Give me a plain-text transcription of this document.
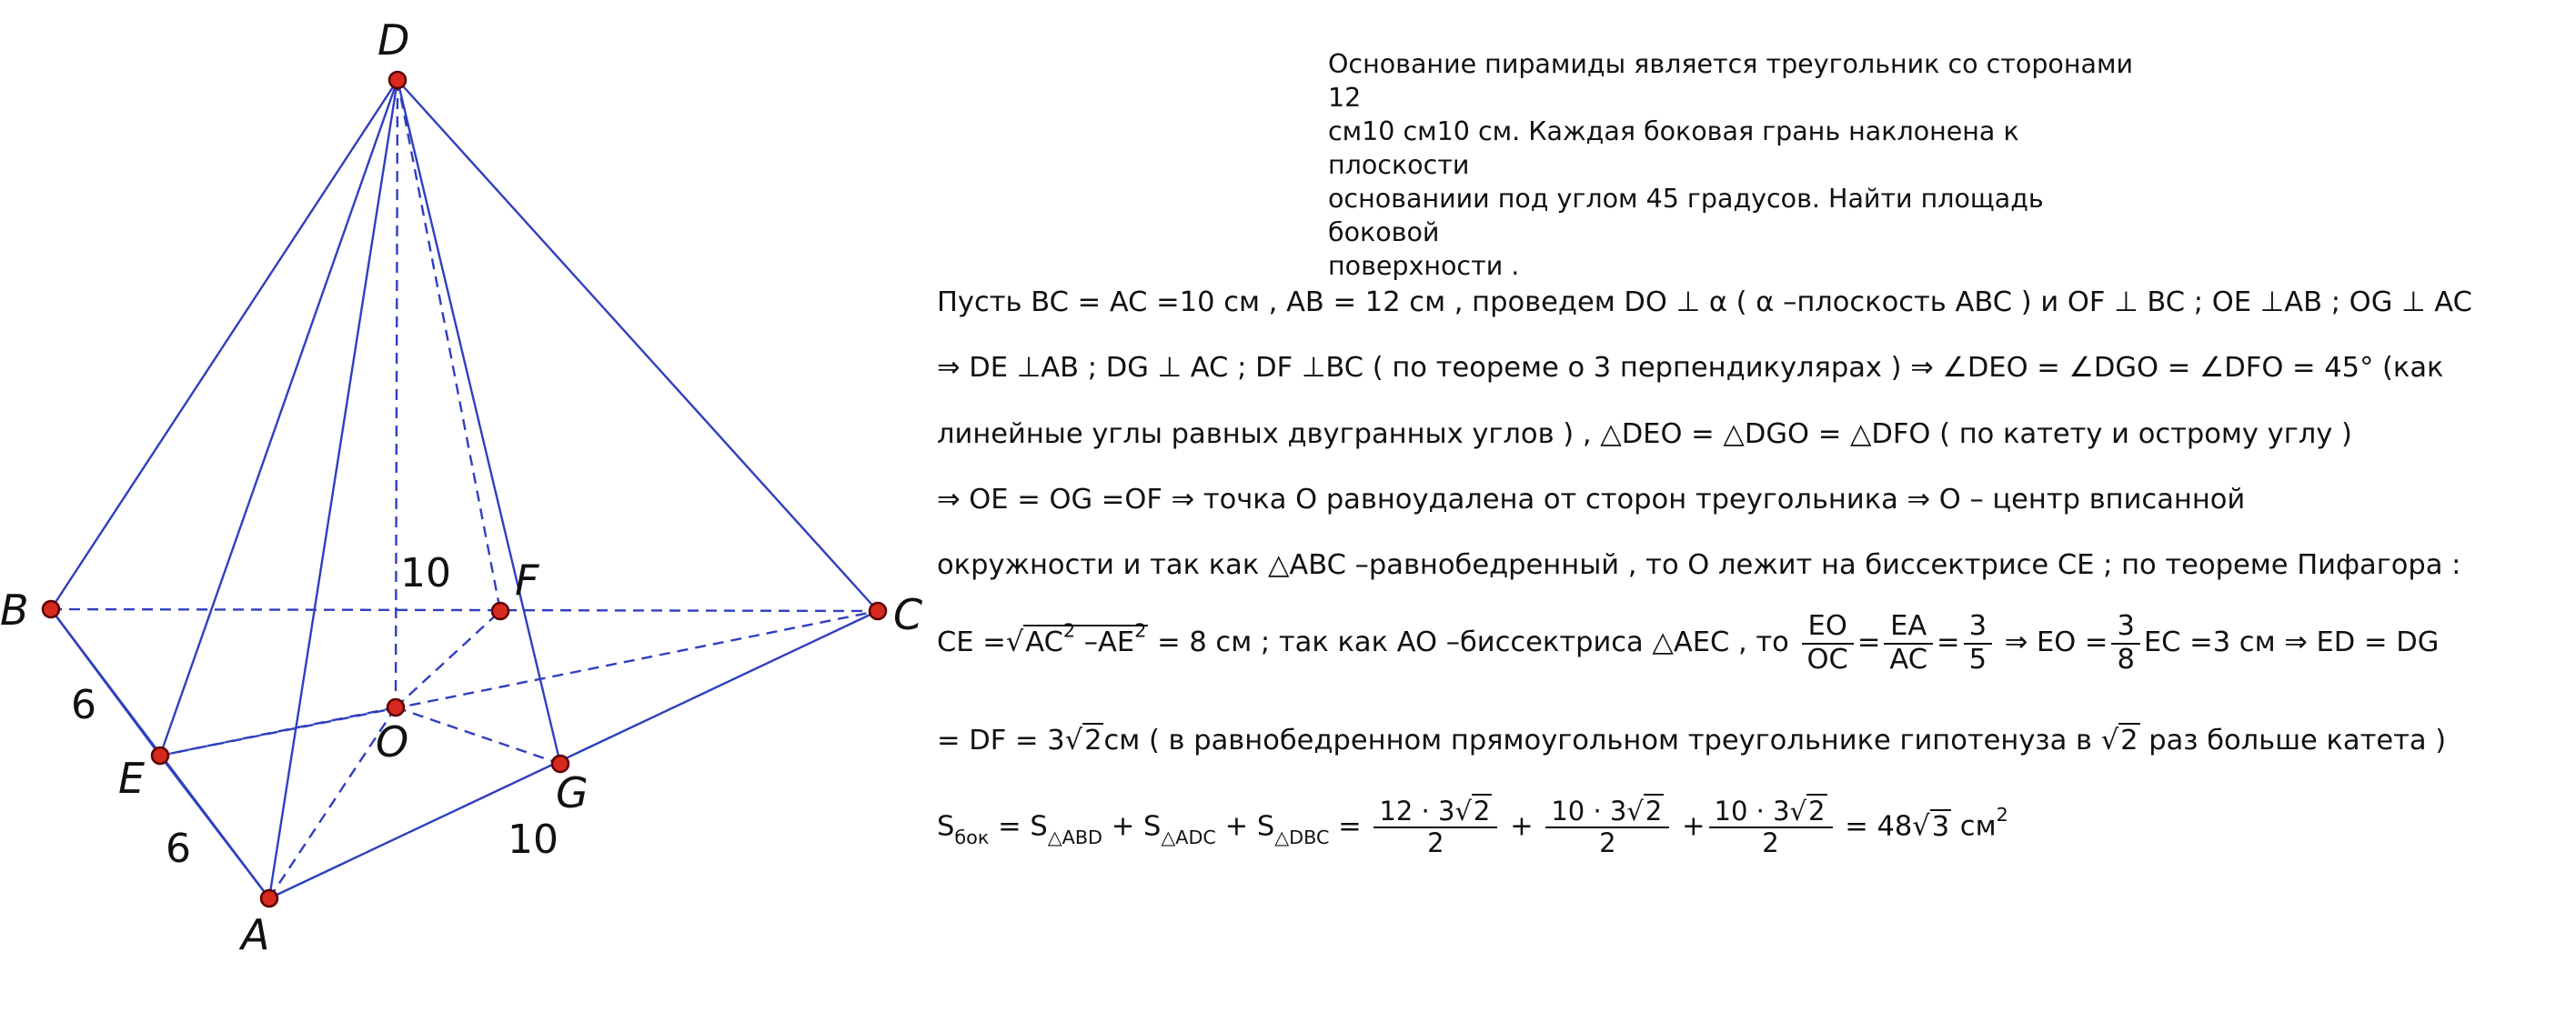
D
B	C
F
O
E	G
A
10
6
6	10
Основание пирамиды является треугольник со сторонами 12
см10 см10 см. Каждая боковая грань наклонена к плоскости
основаниии под углом 45 градусов. Найти площадь боковой
поверхности .
Пусть BC = AC =10 см , AB = 12 см , проведем DO ⊥ α ( α –плоскость ABC ) и OF ⊥ BC ; OE ⊥AB ; OG ⊥ AC
⇒ DE ⊥AB ; DG ⊥ AC ; DF ⊥BC ( по теореме о 3 перпендикулярах ) ⇒ ∠DEO = ∠DGO = ∠DFO = 45° (как
линейные углы равных двугранных углов ) , △DEO = △DGO = △DFO ( по катету и острому углу )
⇒ OE = OG =OF ⇒ точка O равноудалена от сторон треугольника ⇒ O – центр вписанной
окружности и так как △ABC –равнобедренный , то O лежит на биссектрисе CE ; по теореме Пифагора :
CE $=√AC^2$ $-AE^2 = 8$ см ; так как AO –биссектриса △AEC , то $\frac{EO}{OC} = \frac{EA}{AC} = \frac{3}{5}$ ⇒ EO = $\frac{3}{8}$ EC =3 см ⇒ ED = DG
= DF = 3√2см ( в равнобедренном прямоугольном треугольнике гипотенуза в √2 раз больше катета )
$S_{бок} = S_{\triangle ABD} + S_{\triangle ADC} + S_{\triangle DBC} = \frac{12 \cdot 3√2}{2} + \frac{10 \cdot 3√2}{2} + \frac{10 \cdot 3√2}{2} = 48√3$ $см^2$
